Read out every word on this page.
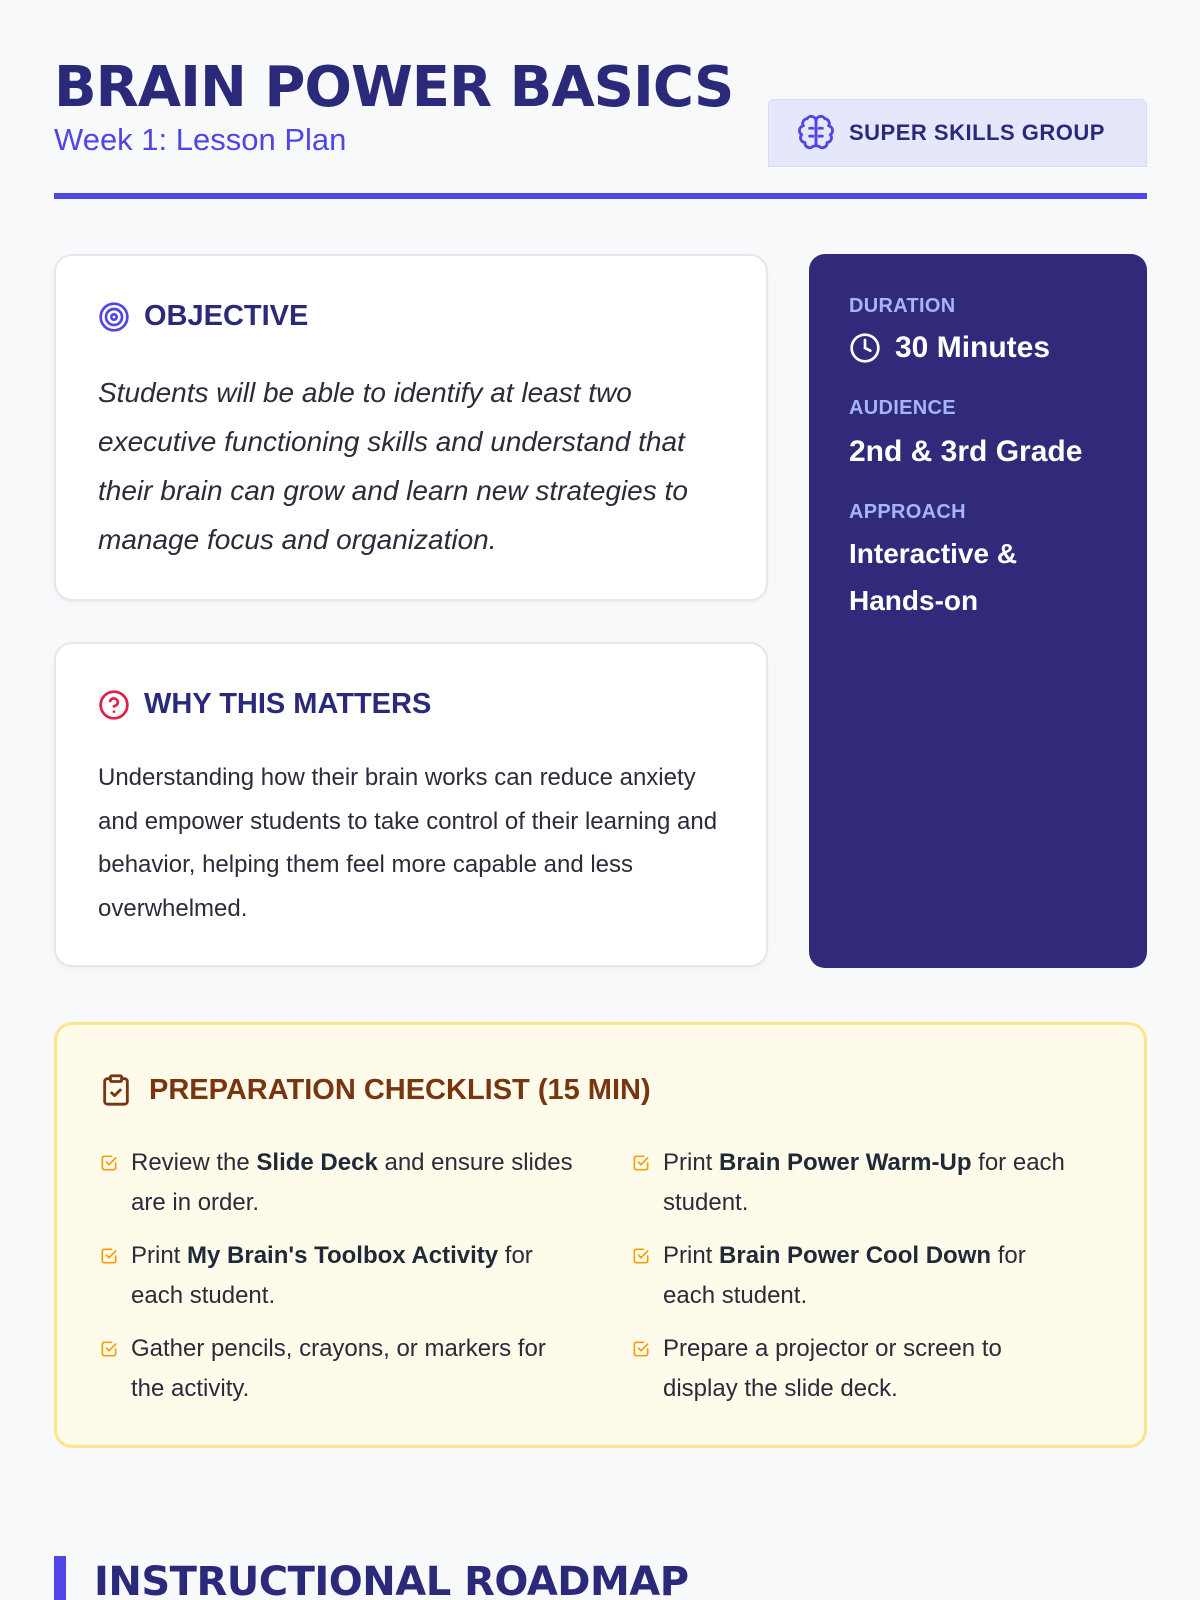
BRAIN POWER BASICS
Week 1: Lesson Plan	SUPER SKILLS GROUP
OBJECTIVE

Students will be able to identify at least two executive functioning skills and understand that their brain can grow and learn new strategies to manage focus and organization.

WHY THIS MATTERS

Understanding how their brain works can reduce anxiety and empower students to take control of their learning and behavior, helping them feel more capable and less overwhelmed.

DURATION
30 Minutes
AUDIENCE
2nd & 3rd Grade
APPROACH
Interactive & Hands-on
PREPARATION CHECKLIST (15 MIN)
Review the Slide Deck and ensure slides are in order.
Print Brain Power Warm-Up for each student.
Print My Brain's Toolbox Activity for each student.
Print Brain Power Cool Down for each student.
Gather pencils, crayons, or markers for the activity.
Prepare a projector or screen to display the slide deck.
INSTRUCTIONAL ROADMAP
